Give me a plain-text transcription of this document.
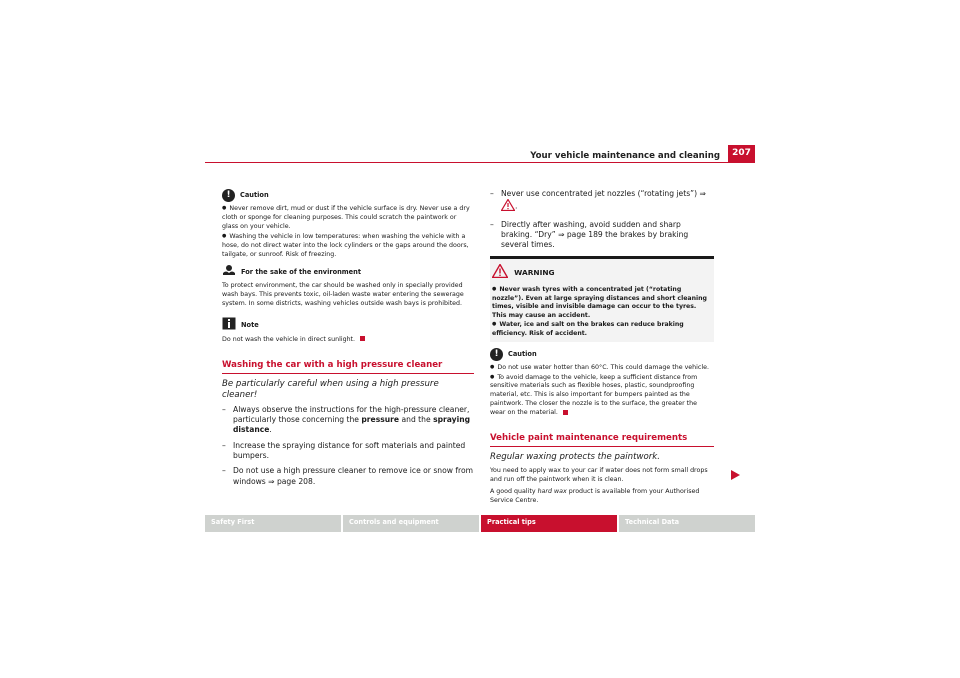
Your vehicle maintenance and cleaning	207
! Caution

● Never remove dirt, mud or dust if the vehicle surface is dry. Never use a dry cloth or sponge for cleaning purposes. This could scratch the paintwork or glass on your vehicle.

● Washing the vehicle in low temperatures: when washing the vehicle with a hose, do not direct water into the lock cylinders or the gaps around the doors, tailgate, or sunroof. Risk of freezing.

For the sake of the environment

To protect environment, the car should be washed only in specially provided wash bays. This prevents toxic, oil-laden waste water entering the sewerage system. In some districts, washing vehicles outside wash bays is prohibited.

Note

Do not wash the vehicle in direct sunlight.

Washing the car with a high pressure cleaner
Be particularly careful when using a high pressure cleaner!

– Always observe the instructions for the high-pressure cleaner, particularly those concerning the pressure and the spraying distance.

– Increase the spraying distance for soft materials and painted bumpers.

– Do not use a high pressure cleaner to remove ice or snow from windows ⇒ page 208.

– Never use concentrated jet nozzles (“rotating jets”) ⇒ .

– Directly after washing, avoid sudden and sharp braking. “Dry” ⇒ page 189 the brakes by braking several times.

WARNING

● Never wash tyres with a concentrated jet (“rotating nozzle”). Even at large spraying distances and short cleaning times, visible and invisible damage can occur to the tyres. This may cause an accident.

● Water, ice and salt on the brakes can reduce braking efficiency. Risk of accident.

! Caution

● Do not use water hotter than 60°C. This could damage the vehicle.

● To avoid damage to the vehicle, keep a sufficient distance from sensitive materials such as flexible hoses, plastic, soundproofing material, etc. This is also important for bumpers painted as the paintwork. The closer the nozzle is to the surface, the greater the wear on the material.

Vehicle paint maintenance requirements
Regular waxing protects the paintwork.

You need to apply wax to your car if water does not form small drops and run off the paintwork when it is clean.

A good quality hard wax product is available from your Authorised Service Centre.

Safety First	Controls and equipment	Practical tips	Technical Data
